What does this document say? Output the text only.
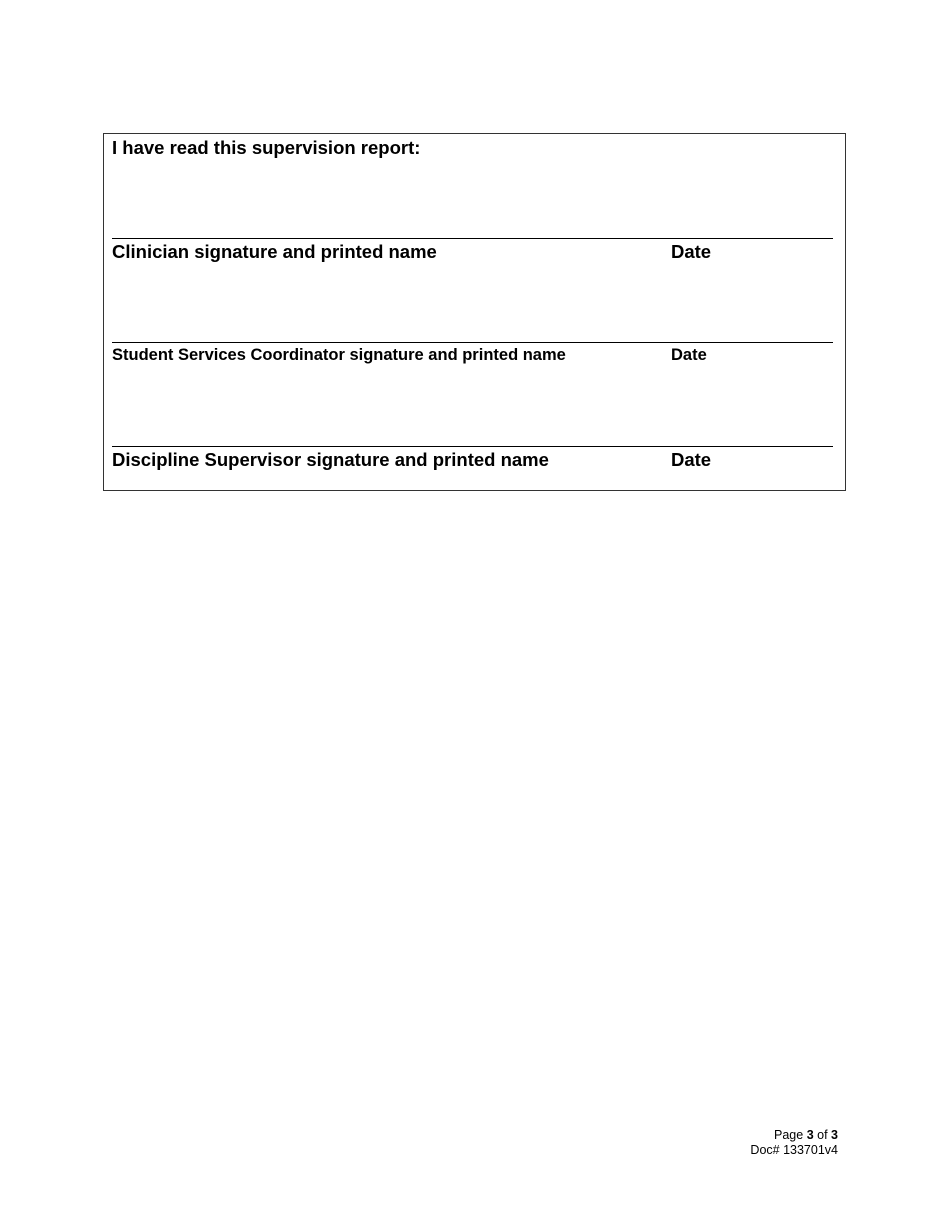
I have read this supervision report:
Clinician signature and printed name	Date
Student Services Coordinator signature and printed name	Date
Discipline Supervisor signature and printed name	Date
Page 3 of 3
Doc# 133701v4
